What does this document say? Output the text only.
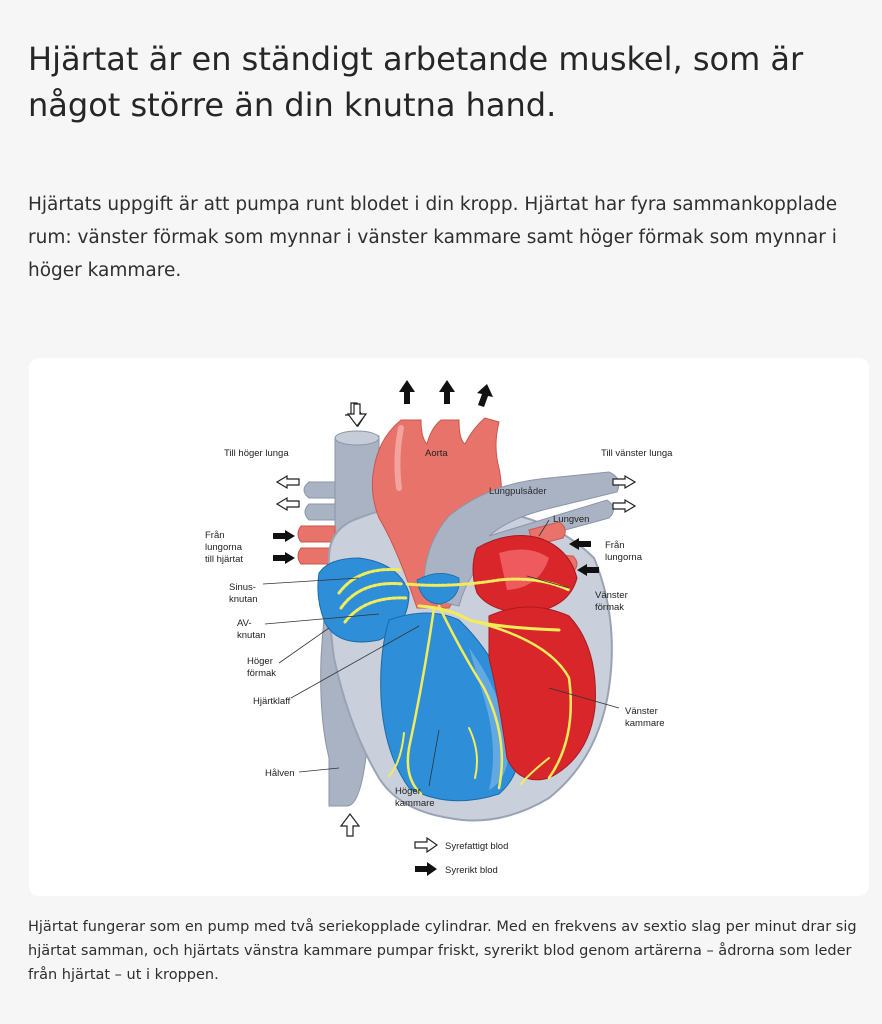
Hjärtat är en ständigt arbetande muskel, som är något större än din knutna hand.

Hjärtats uppgift är att pumpa runt blodet i din kropp. Hjärtat har fyra sammankopplade rum: vänster förmak som mynnar i vänster kammare samt höger förmak som mynnar i höger kammare.

Till höger lunga	Till vänster lunga
Aorta
Lungpulsåder
Lungven
Från
lungorna
till hjärtat
Från
lungorna
Sinus-
knutan
AV-
knutan
Höger
förmak
Vänster
förmak
Hjärtklaff
Vänster
kammare
Hålven
Höger
kammare
Syrefattigt blod
Syrerikt blod

Hjärtat fungerar som en pump med två seriekopplade cylindrar. Med en frekvens av sextio slag per minut drar sig hjärtat samman, och hjärtats vänstra kammare pumpar friskt, syrerikt blod genom artärerna – ådrorna som leder från hjärtat – ut i kroppen.
